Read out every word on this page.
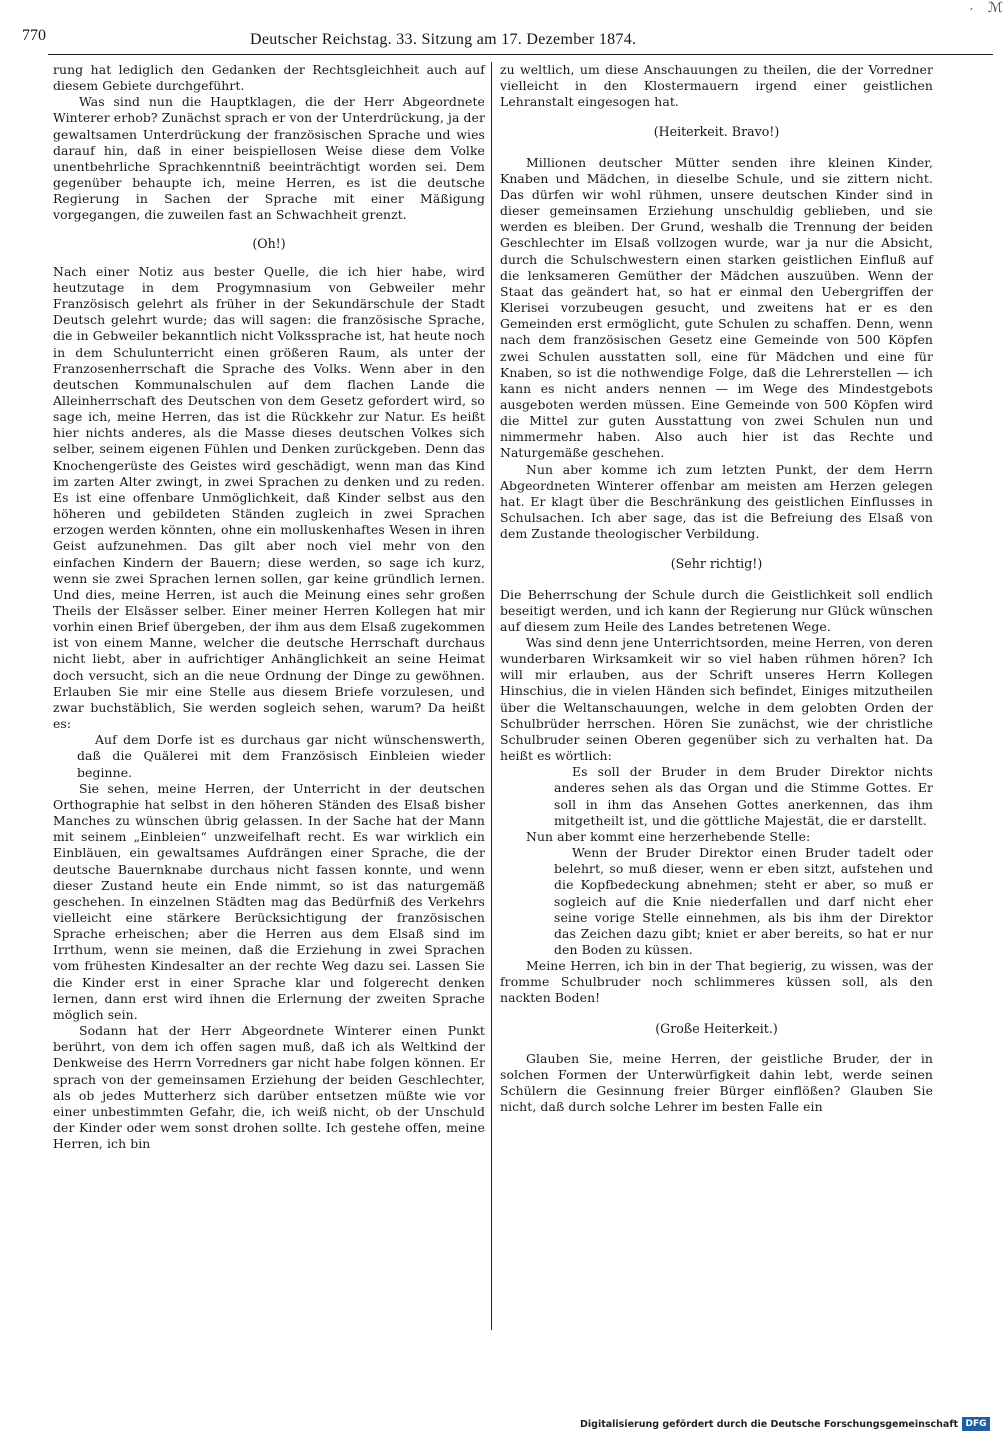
770	Deutscher Reichstag. 33. Sitzung am 17. Dezember 1874.
′ ℳ

rung hat lediglich den Gedanken der Rechtsgleichheit auch auf diesem Gebiete durchgeführt.

Was sind nun die Hauptklagen, die der Herr Abgeordnete Winterer erhob? Zunächst sprach er von der Unterdrückung, ja der gewaltsamen Unterdrückung der französischen Sprache und wies darauf hin, daß in einer beispiellosen Weise diese dem Volke unentbehrliche Sprachkenntniß beeinträchtigt worden sei. Dem gegenüber behaupte ich, meine Herren, es ist die deutsche Regierung in Sachen der Sprache mit einer Mäßigung vorgegangen, die zuweilen fast an Schwachheit grenzt.

(Oh!)

Nach einer Notiz aus bester Quelle, die ich hier habe, wird heutzutage in dem Progymnasium von Gebweiler mehr Französisch gelehrt als früher in der Sekundärschule der Stadt Deutsch gelehrt wurde; das will sagen: die französische Sprache, die in Gebweiler bekanntlich nicht Volkssprache ist, hat heute noch in dem Schulunterricht einen größeren Raum, als unter der Franzosenherrschaft die Sprache des Volks. Wenn aber in den deutschen Kommunalschulen auf dem flachen Lande die Alleinherrschaft des Deutschen von dem Gesetz gefordert wird, so sage ich, meine Herren, das ist die Rückkehr zur Natur. Es heißt hier nichts anderes, als die Masse dieses deutschen Volkes sich selber, seinem eigenen Fühlen und Denken zurückgeben. Denn das Knochengerüste des Geistes wird geschädigt, wenn man das Kind im zarten Alter zwingt, in zwei Sprachen zu denken und zu reden. Es ist eine offenbare Unmöglichkeit, daß Kinder selbst aus den höheren und gebildeten Ständen zugleich in zwei Sprachen erzogen werden könnten, ohne ein molluskenhaftes Wesen in ihren Geist aufzunehmen. Das gilt aber noch viel mehr von den einfachen Kindern der Bauern; diese werden, so sage ich kurz, wenn sie zwei Sprachen lernen sollen, gar keine gründlich lernen. Und dies, meine Herren, ist auch die Meinung eines sehr großen Theils der Elsässer selber. Einer meiner Herren Kollegen hat mir vorhin einen Brief übergeben, der ihm aus dem Elsaß zugekommen ist von einem Manne, welcher die deutsche Herrschaft durchaus nicht liebt, aber in aufrichtiger Anhänglichkeit an seine Heimat doch versucht, sich an die neue Ordnung der Dinge zu gewöhnen. Erlauben Sie mir eine Stelle aus diesem Briefe vorzulesen, und zwar buchstäblich, Sie werden sogleich sehen, warum? Da heißt es:

Auf dem Dorfe ist es durchaus gar nicht wünschenswerth, daß die Quälerei mit dem Französisch Einbleien wieder beginne.

Sie sehen, meine Herren, der Unterricht in der deutschen Orthographie hat selbst in den höheren Ständen des Elsaß bisher Manches zu wünschen übrig gelassen. In der Sache hat der Mann mit seinem „Einbleien“ unzweifelhaft recht. Es war wirklich ein Einbläuen, ein gewaltsames Aufdrängen einer Sprache, die der deutsche Bauernknabe durchaus nicht fassen konnte, und wenn dieser Zustand heute ein Ende nimmt, so ist das naturgemäß geschehen. In einzelnen Städten mag das Bedürfniß des Verkehrs vielleicht eine stärkere Berücksichtigung der französischen Sprache erheischen; aber die Herren aus dem Elsaß sind im Irrthum, wenn sie meinen, daß die Erziehung in zwei Sprachen vom frühesten Kindesalter an der rechte Weg dazu sei. Lassen Sie die Kinder erst in einer Sprache klar und folgerecht denken lernen, dann erst wird ihnen die Erlernung der zweiten Sprache möglich sein.

Sodann hat der Herr Abgeordnete Winterer einen Punkt berührt, von dem ich offen sagen muß, daß ich als Weltkind der Denkweise des Herrn Vorredners gar nicht habe folgen können. Er sprach von der gemeinsamen Erziehung der beiden Geschlechter, als ob jedes Mutterherz sich darüber entsetzen müßte wie vor einer unbestimmten Gefahr, die, ich weiß nicht, ob der Unschuld der Kinder oder wem sonst drohen sollte. Ich gestehe offen, meine Herren, ich bin

zu weltlich, um diese Anschauungen zu theilen, die der Vorredner vielleicht in den Klostermauern irgend einer geistlichen Lehranstalt eingesogen hat.

(Heiterkeit. Bravo!)

Millionen deutscher Mütter senden ihre kleinen Kinder, Knaben und Mädchen, in dieselbe Schule, und sie zittern nicht. Das dürfen wir wohl rühmen, unsere deutschen Kinder sind in dieser gemeinsamen Erziehung unschuldig geblieben, und sie werden es bleiben. Der Grund, weshalb die Trennung der beiden Geschlechter im Elsaß vollzogen wurde, war ja nur die Absicht, durch die Schulschwestern einen starken geistlichen Einfluß auf die lenksameren Gemüther der Mädchen auszuüben. Wenn der Staat das geändert hat, so hat er einmal den Uebergriffen der Klerisei vorzubeugen gesucht, und zweitens hat er es den Gemeinden erst ermöglicht, gute Schulen zu schaffen. Denn, wenn nach dem französischen Gesetz eine Gemeinde von 500 Köpfen zwei Schulen ausstatten soll, eine für Mädchen und eine für Knaben, so ist die nothwendige Folge, daß die Lehrerstellen — ich kann es nicht anders nennen — im Wege des Mindestgebots ausgeboten werden müssen. Eine Gemeinde von 500 Köpfen wird die Mittel zur guten Ausstattung von zwei Schulen nun und nimmermehr haben. Also auch hier ist das Rechte und Naturgemäße geschehen.

Nun aber komme ich zum letzten Punkt, der dem Herrn Abgeordneten Winterer offenbar am meisten am Herzen gelegen hat. Er klagt über die Beschränkung des geistlichen Einflusses in Schulsachen. Ich aber sage, das ist die Befreiung des Elsaß von dem Zustande theologischer Verbildung.

(Sehr richtig!)

Die Beherrschung der Schule durch die Geistlichkeit soll endlich beseitigt werden, und ich kann der Regierung nur Glück wünschen auf diesem zum Heile des Landes betretenen Wege.

Was sind denn jene Unterrichtsorden, meine Herren, von deren wunderbaren Wirksamkeit wir so viel haben rühmen hören? Ich will mir erlauben, aus der Schrift unseres Herrn Kollegen Hinschius, die in vielen Händen sich befindet, Einiges mitzutheilen über die Weltanschauungen, welche in dem gelobten Orden der Schulbrüder herrschen. Hören Sie zunächst, wie der christliche Schulbruder seinen Oberen gegenüber sich zu verhalten hat. Da heißt es wörtlich:

Es soll der Bruder in dem Bruder Direktor nichts anderes sehen als das Organ und die Stimme Gottes. Er soll in ihm das Ansehen Gottes anerkennen, das ihm mitgetheilt ist, und die göttliche Majestät, die er darstellt.

Nun aber kommt eine herzerhebende Stelle:

Wenn der Bruder Direktor einen Bruder tadelt oder belehrt, so muß dieser, wenn er eben sitzt, aufstehen und die Kopfbedeckung abnehmen; steht er aber, so muß er sogleich auf die Knie niederfallen und darf nicht eher seine vorige Stelle einnehmen, als bis ihm der Direktor das Zeichen dazu gibt; kniet er aber bereits, so hat er nur den Boden zu küssen.

Meine Herren, ich bin in der That begierig, zu wissen, was der fromme Schulbruder noch schlimmeres küssen soll, als den nackten Boden!

(Große Heiterkeit.)

Glauben Sie, meine Herren, der geistliche Bruder, der in solchen Formen der Unterwürfigkeit dahin lebt, werde seinen Schülern die Gesinnung freier Bürger einflößen? Glauben Sie nicht, daß durch solche Lehrer im besten Falle ein

Digitalisierung gefördert durch die Deutsche Forschungsgemeinschaft DFG
